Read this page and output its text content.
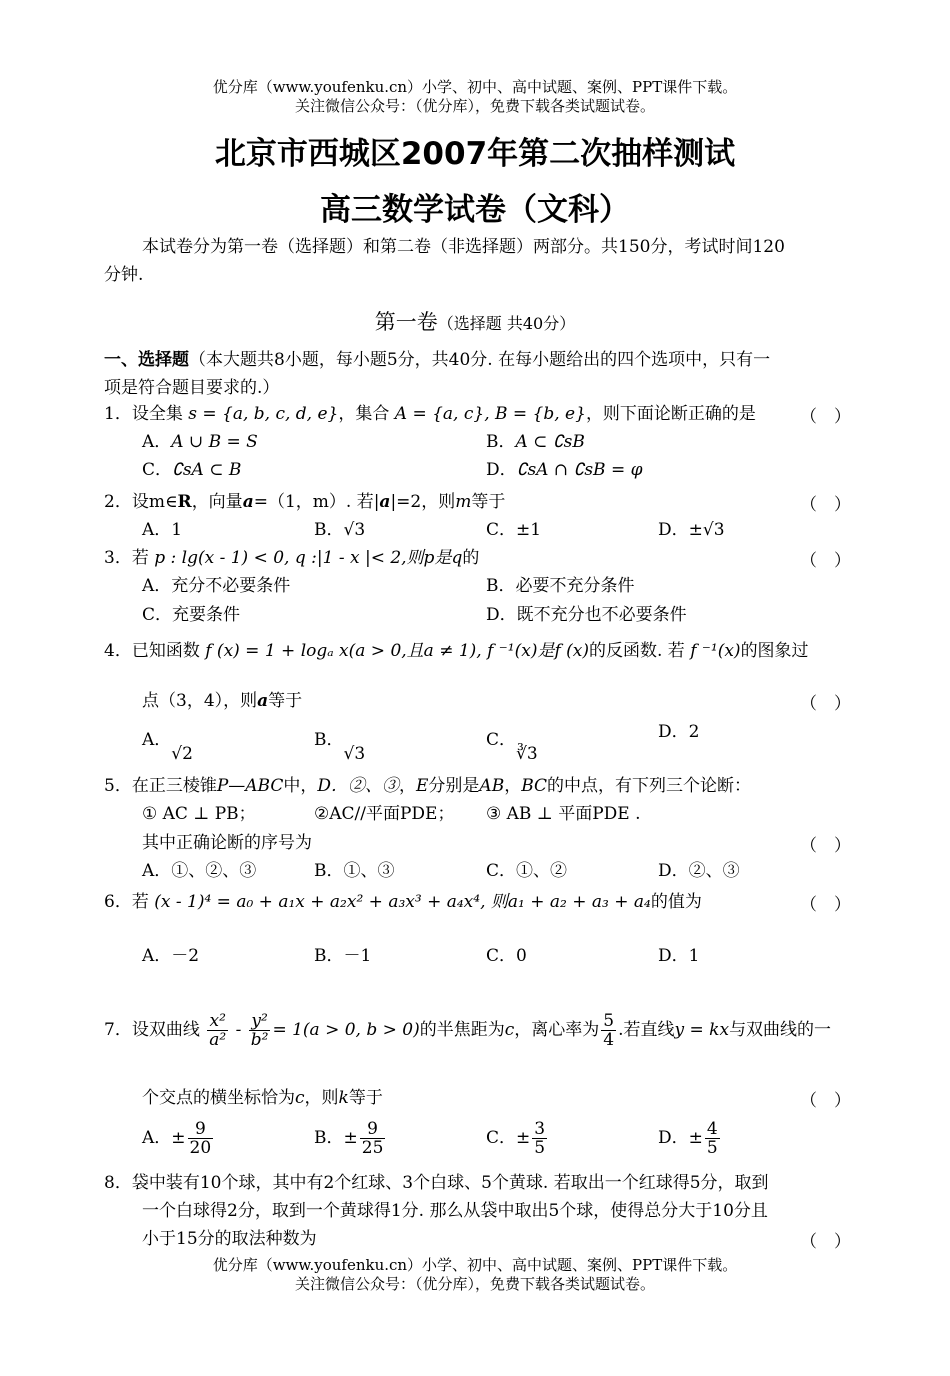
优分库（www.youfenku.cn）小学、初中、高中试题、案例、PPT课件下载。
关注微信公众号：（优分库），免费下载各类试题试卷。
北京市西城区2007年第二次抽样测试
高三数学试卷（文科）
本试卷分为第一卷（选择题）和第二卷（非选择题）两部分。共150分，考试时间120
分钟.
第一卷（选择题 共40分）
一、选择题（本大题共8小题，每小题5分，共40分. 在每小题给出的四个选项中，只有一
项是符合题目要求的.）
1．设全集 s = {a, b, c, d, e}，集合 A = {a, c}, B = {b, e}，则下面论断正确的是	（　）
A．A ∪ B = S	B．A ⊂ ∁sB
C．∁sA ⊂ B	D．∁sA ∩ ∁sB = φ
2．设m∈R，向量a=（1，m）. 若|a|=2，则m等于	（　）
A．1	B．√3	C．±1	D．±√3
3．若 p : lg(x - 1) < 0, q :|1 - x |< 2,则p是q的	（　）
A．充分不必要条件	B．必要不充分条件
C．充要条件	D．既不充分也不必要条件
4．已知函数 f (x) = 1 + logₐ x(a > 0,且a ≠ 1), f ⁻¹(x)是f (x)的反函数. 若 f ⁻¹(x)的图象过
点（3，4），则a等于	（　）
A．√2
B．√3
C．∛3
D．2
5．在正三棱锥P—ABC中，D．②、③，E分别是AB，BC的中点，有下列三个论断：
① AC ⊥ PB；	②AC//平面PDE； ③ AB ⊥ 平面PDE .
其中正确论断的序号为	（　）
A．①、②、③	B．①、③	C．①、②	D．②、③
6．若 (x - 1)⁴ = a₀ + a₁x + a₂x² + a₃x³ + a₄x⁴, 则a₁ + a₂ + a₃ + a₄的值为	（　）
A．－2	B．－1	C．0	D．1
7．设双曲线 $\frac{\text{x²}}{\text{a²}} - \frac{\text{y²}}{\text{b²}} = 1(a > 0$, b > 0)的半焦距为c，离心率为 $\frac{5}{4}$ .若直线y = kx与双曲线的一
个交点的横坐标恰为c，则k等于	（　）
A．± $\frac{9}{20}$	B．± $\frac{9}{25}$	C．± $\frac{3}{5}$	D．± $\frac{4}{5}$
8．袋中装有10个球，其中有2个红球、3个白球、5个黄球. 若取出一个红球得5分，取到
一个白球得2分，取到一个黄球得1分. 那么从袋中取出5个球，使得总分大于10分且
小于15分的取法种数为	（　）
优分库（www.youfenku.cn）小学、初中、高中试题、案例、PPT课件下载。
关注微信公众号：（优分库），免费下载各类试题试卷。
